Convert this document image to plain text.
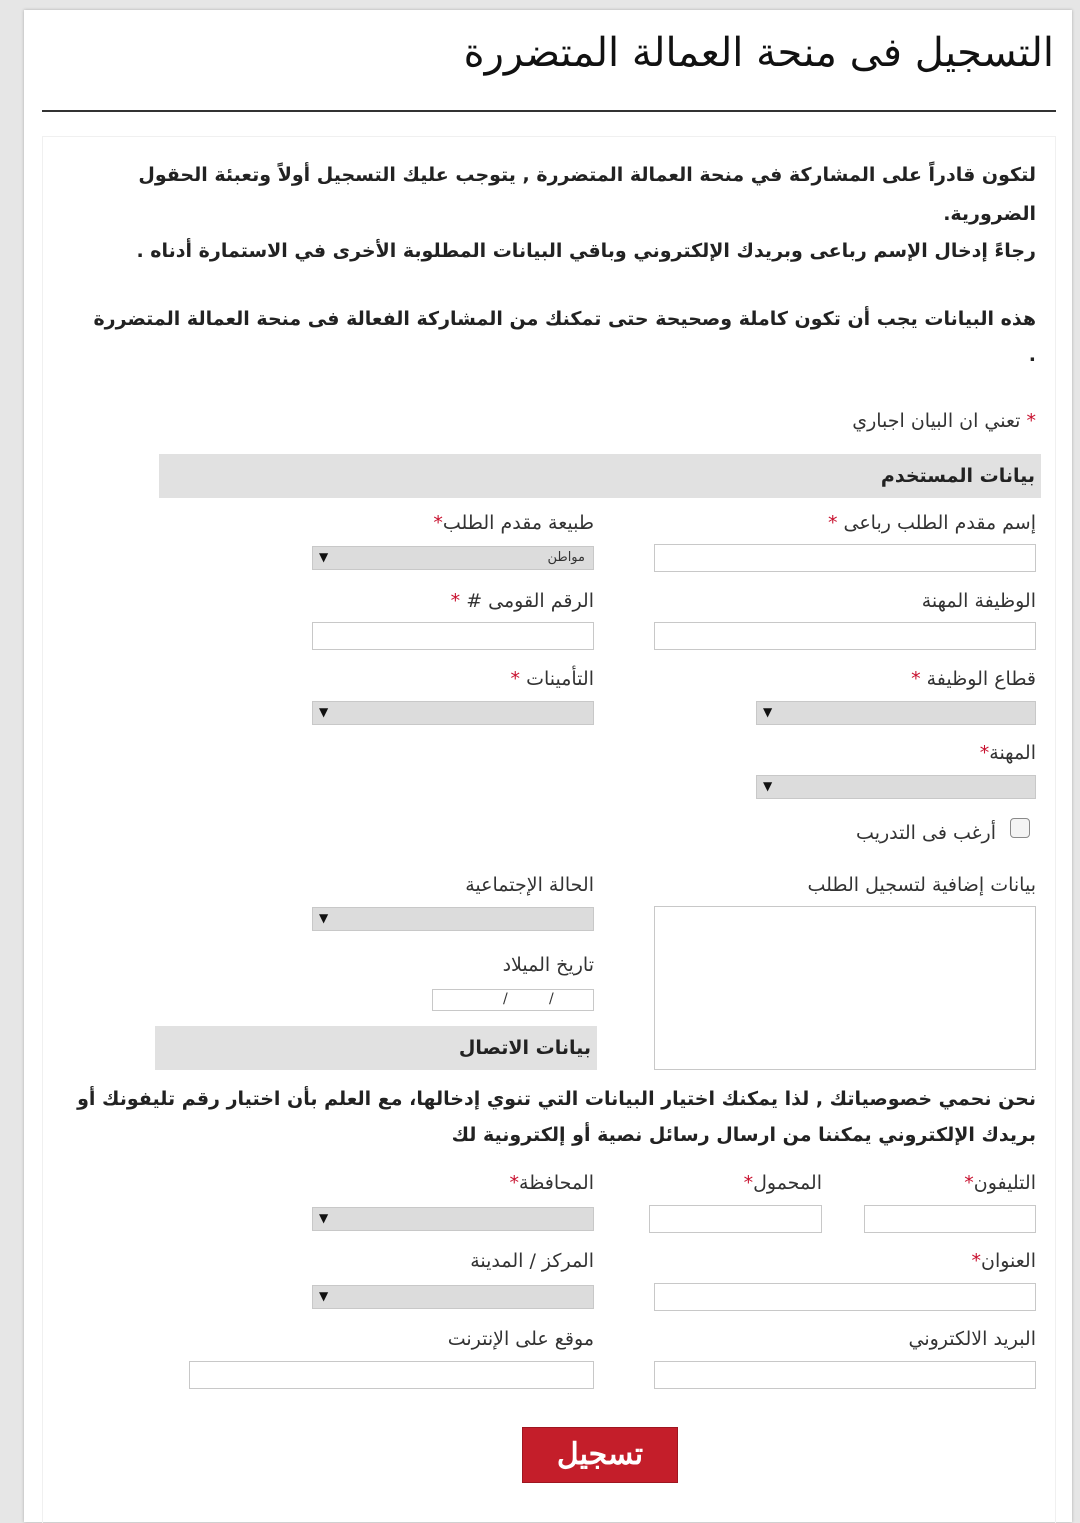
التسجيل فى منحة العمالة المتضررة
لتكون قادراً على المشاركة في منحة العمالة المتضررة , يتوجب عليك التسجيل أولاً وتعبئة الحقول
الضرورية.
رجاءً إدخال الإسم رباعى وبريدك الإلكتروني وباقي البيانات المطلوبة الأخرى في الاستمارة أدناه .
هذه البيانات يجب أن تكون كاملة وصحيحة حتى تمكنك من المشاركة الفعالة فى منحة العمالة المتضررة
.
* تعني ان البيان اجباري
بيانات المستخدم
إسم مقدم الطلب رباعى *
طبيعة مقدم الطلب*
▼	مواطن
الوظيفة المهنة
الرقم القومى # *
قطاع الوظيفة *
▼
التأمينات *
▼
المهنة*
▼
أرغب فى التدريب
بيانات إضافية لتسجيل الطلب
الحالة الإجتماعية
▼
تاريخ الميلاد
/	/
بيانات الاتصال
نحن نحمي خصوصياتك , لذا يمكنك اختيار البيانات التي تنوي إدخالها، مع العلم بأن اختيار رقم تليفونك أو
بريدك الإلكتروني يمكننا من ارسال رسائل نصية أو إلكترونية لك
التليفون*
المحمول*
المحافظة*
▼
العنوان*
المركز / المدينة
▼
البريد الالكتروني
موقع على الإنترنت
تسجيل
